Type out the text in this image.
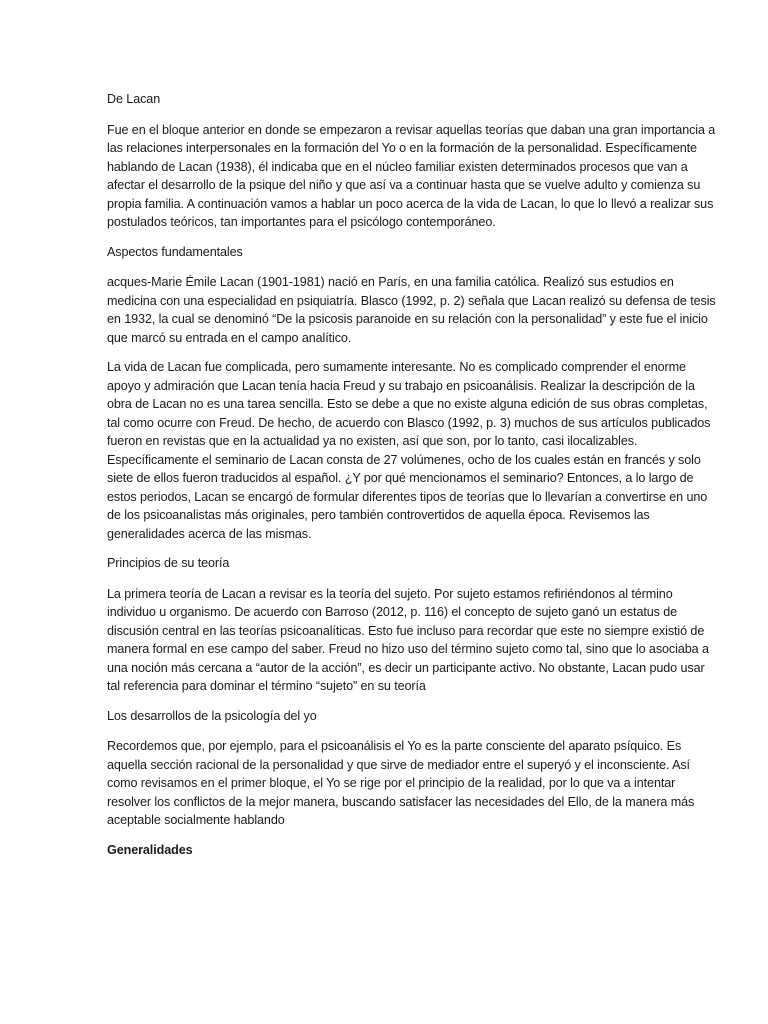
De Lacan

Fue en el bloque anterior en donde se empezaron a revisar aquellas teorías que daban una gran importancia a las relaciones interpersonales en la formación del Yo o en la formación de la personalidad. Específicamente hablando de Lacan (1938), él indicaba que en el núcleo familiar existen determinados procesos que van a afectar el desarrollo de la psique del niño y que así va a continuar hasta que se vuelve adulto y comienza su propia familia. A continuación vamos a hablar un poco acerca de la vida de Lacan, lo que lo llevó a realizar sus postulados teóricos, tan importantes para el psicólogo contemporáneo.

Aspectos fundamentales

acques-Marie Émile Lacan (1901-1981) nació en París, en una familia católica. Realizó sus estudios en medicina con una especialidad en psiquiatría. Blasco (1992, p. 2) señala que Lacan realizó su defensa de tesis en 1932, la cual se denominó “De la psicosis paranoide en su relación con la personalidad” y este fue el inicio que marcó su entrada en el campo analítico.

La vida de Lacan fue complicada, pero sumamente interesante. No es complicado comprender el enorme apoyo y admiración que Lacan tenía hacia Freud y su trabajo en psicoanálisis. Realizar la descripción de la obra de Lacan no es una tarea sencilla. Esto se debe a que no existe alguna edición de sus obras completas, tal como ocurre con Freud. De hecho, de acuerdo con Blasco (1992, p. 3) muchos de sus artículos publicados fueron en revistas que en la actualidad ya no existen, así que son, por lo tanto, casi ilocalizables. Específicamente el seminario de Lacan consta de 27 volúmenes, ocho de los cuales están en francés y solo siete de ellos fueron traducidos al español. ¿Y por qué mencionamos el seminario? Entonces, a lo largo de estos periodos, Lacan se encargó de formular diferentes tipos de teorías que lo llevarían a convertirse en uno de los psicoanalistas más originales, pero también controvertidos de aquella época. Revisemos las generalidades acerca de las mismas.

Principios de su teoría

La primera teoría de Lacan a revisar es la teoría del sujeto. Por sujeto estamos refiriéndonos al término individuo u organismo. De acuerdo con Barroso (2012, p. 116) el concepto de sujeto ganó un estatus de discusión central en las teorías psicoanalíticas. Esto fue incluso para recordar que este no siempre existió de manera formal en ese campo del saber. Freud no hizo uso del término sujeto como tal, sino que lo asociaba a una noción más cercana a “autor de la acción”, es decir un participante activo. No obstante, Lacan pudo usar tal referencia para dominar el término “sujeto” en su teoría

Los desarrollos de la psicología del yo

Recordemos que, por ejemplo, para el psicoanálisis el Yo es la parte consciente del aparato psíquico. Es aquella sección racional de la personalidad y que sirve de mediador entre el superyó y el inconsciente. Así como revisamos en el primer bloque, el Yo se rige por el principio de la realidad, por lo que va a intentar resolver los conflictos de la mejor manera, buscando satisfacer las necesidades del Ello, de la manera más aceptable socialmente hablando

Generalidades
